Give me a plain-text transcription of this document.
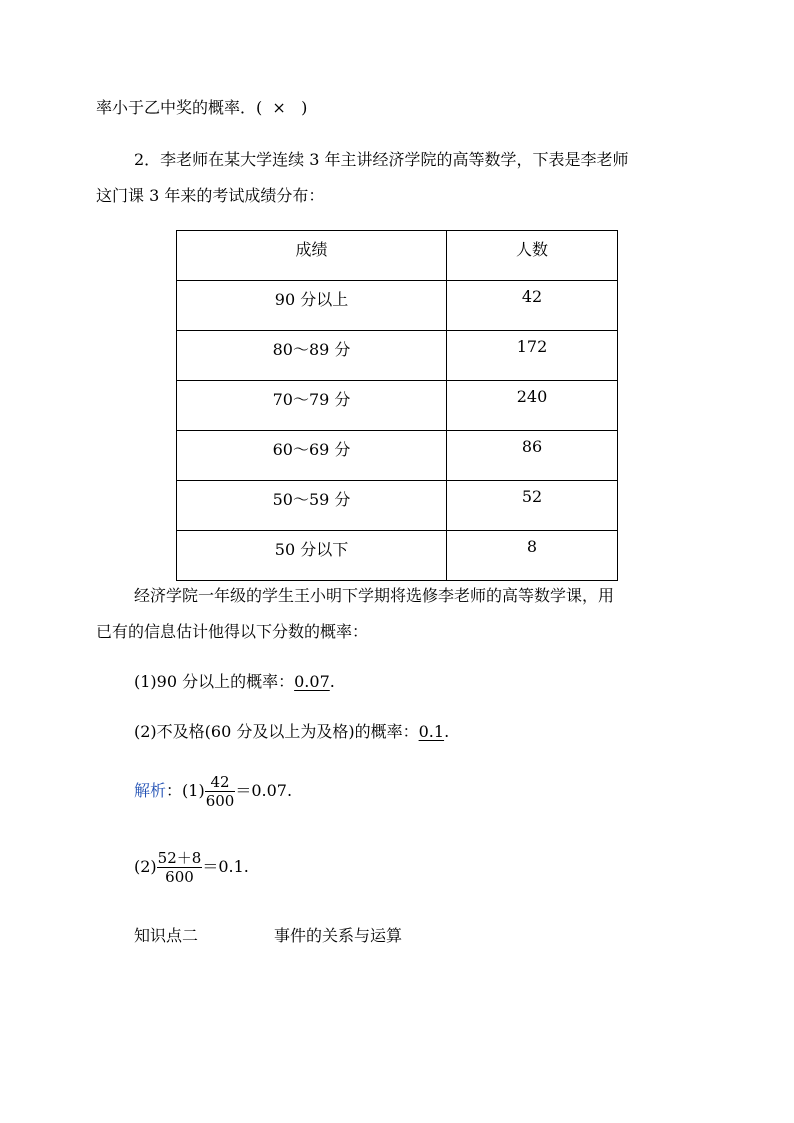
率小于乙中奖的概率．( × )
2．李老师在某大学连续 3 年主讲经济学院的高等数学，下表是李老师
这门课 3 年来的考试成绩分布：
成绩	人数

90 分以上	42

80～89 分	172

70～79 分	240

60～69 分	86

50～59 分	52

50 分以下	8
经济学院一年级的学生王小明下学期将选修李老师的高等数学课，用
已有的信息估计他得以下分数的概率：
(1)90 分以上的概率：0.07.
(2)不及格(60 分及以上为及格)的概率：0.1.
解析：$(1) \frac{42}{600} =0.07$.
$(2) \frac{52+8}{600} =0.1$.
知识点二	事件的关系与运算
